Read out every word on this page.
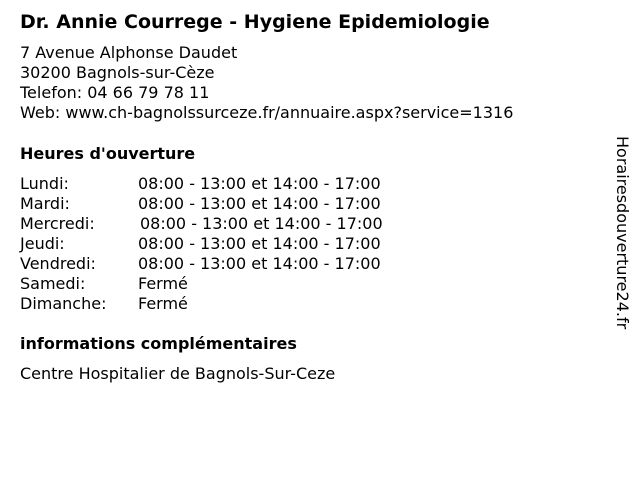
Dr. Annie Courrege - Hygiene Epidemiologie
7 Avenue Alphonse Daudet
30200 Bagnols-sur-Cèze
Telefon: 04 66 79 78 11
Web: www.ch-bagnolssurceze.fr/annuaire.aspx?service=1316
Heures d'ouverture
Lundi:	08:00 - 13:00 et 14:00 - 17:00
Mardi:	08:00 - 13:00 et 14:00 - 17:00
Mercredi:	08:00 - 13:00 et 14:00 - 17:00
Jeudi:	08:00 - 13:00 et 14:00 - 17:00
Vendredi:	08:00 - 13:00 et 14:00 - 17:00
Samedi:	Fermé
Dimanche: Fermé
informations complémentaires
Centre Hospitalier de Bagnols-Sur-Ceze
Horairesdouverture24.fr
